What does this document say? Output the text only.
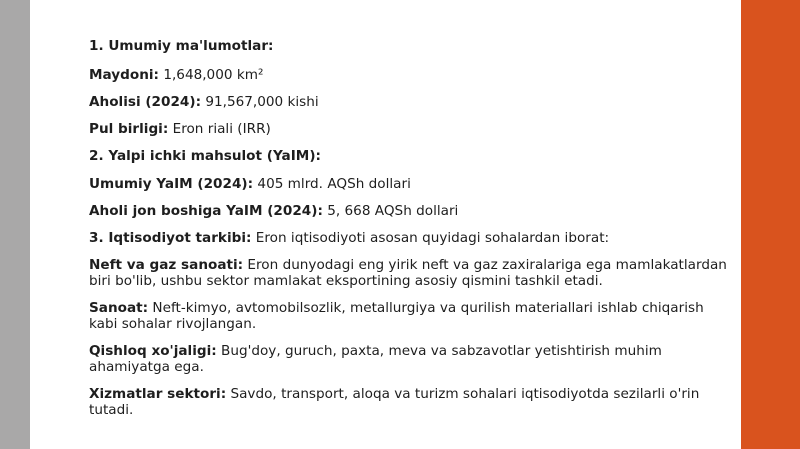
1. Umumiy ma'lumotlar:

Maydoni: 1,648,000 km²

Aholisi (2024): 91,567,000 kishi

Pul birligi: Eron riali (IRR)

2. Yalpi ichki mahsulot (YaIM):

Umumiy YaIM (2024): 405 mlrd. AQSh dollari

Aholi jon boshiga YaIM (2024): 5, 668 AQSh dollari

3. Iqtisodiyot tarkibi: Eron iqtisodiyoti asosan quyidagi sohalardan iborat:

Neft va gaz sanoati: Eron dunyodagi eng yirik neft va gaz zaxiralariga ega mamlakatlardan biri bo'lib, ushbu sektor mamlakat eksportining asosiy qismini tashkil etadi.

Sanoat: Neft-kimyo, avtomobilsozlik, metallurgiya va qurilish materiallari ishlab chiqarish kabi sohalar rivojlangan.

Qishloq xo'jaligi: Bug'doy, guruch, paxta, meva va sabzavotlar yetishtirish muhim ahamiyatga ega.

Xizmatlar sektori: Savdo, transport, aloqa va turizm sohalari iqtisodiyotda sezilarli o'rin tutadi.
